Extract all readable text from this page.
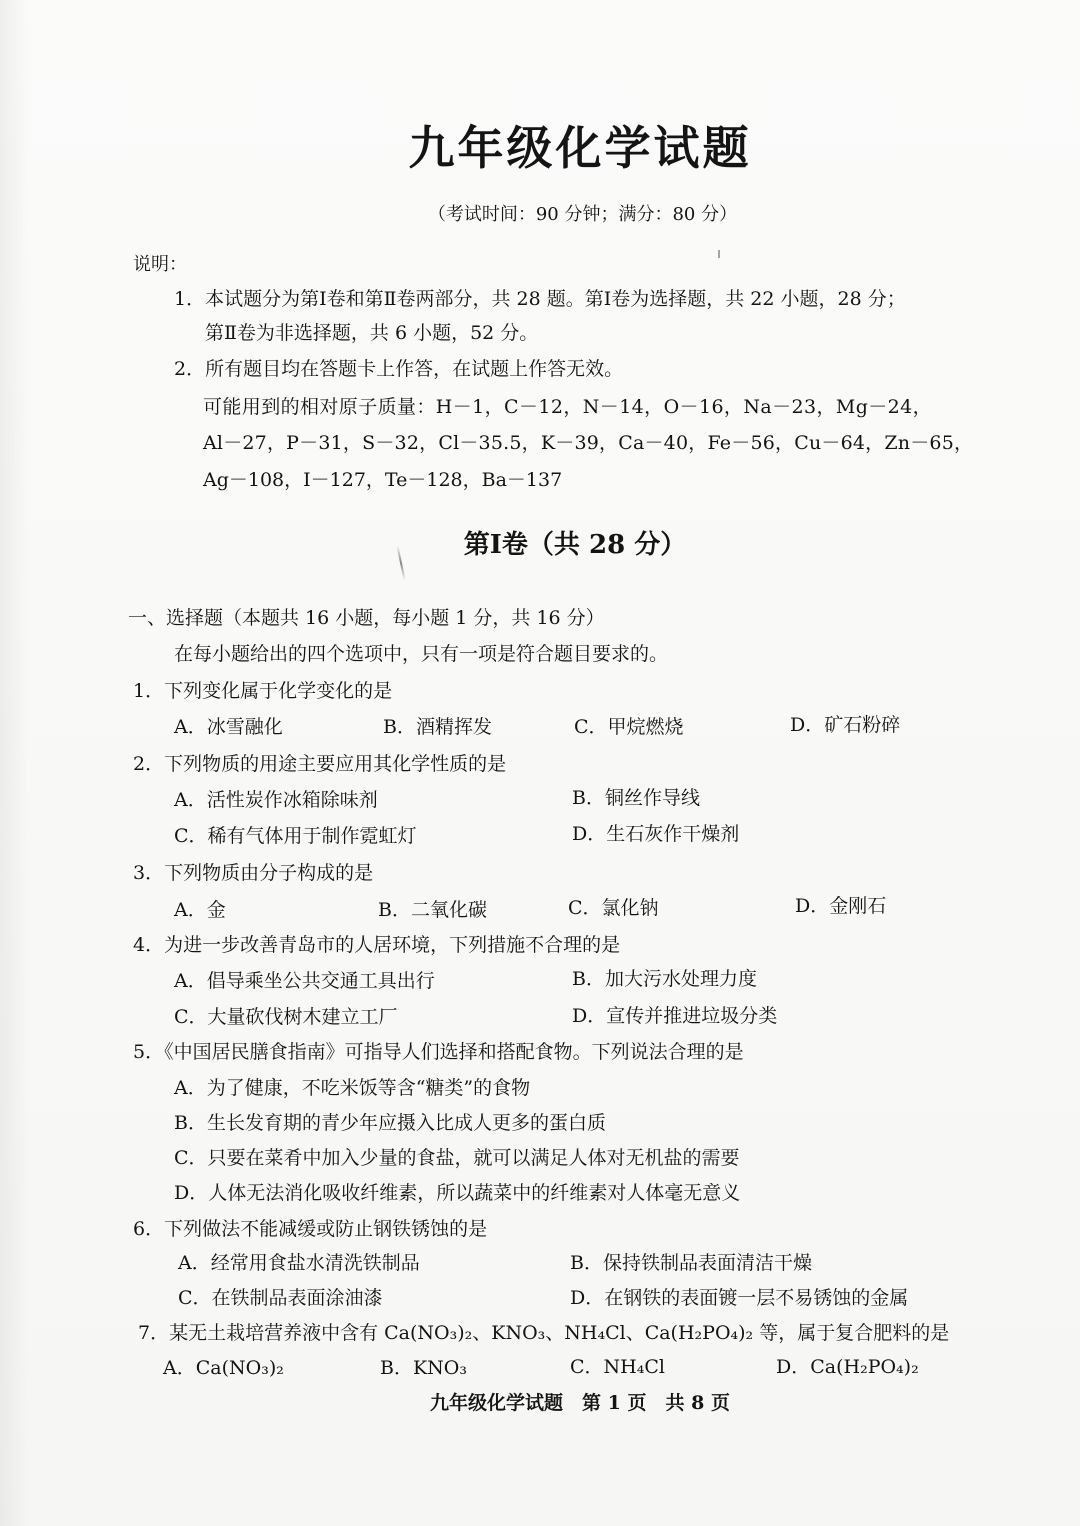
九年级化学试题
（考试时间：90 分钟；满分：80 分）
说明：
1．本试题分为第Ⅰ卷和第Ⅱ卷两部分，共 28 题。第Ⅰ卷为选择题，共 22 小题，28 分；
第Ⅱ卷为非选择题，共 6 小题，52 分。
2．所有题目均在答题卡上作答，在试题上作答无效。
可能用到的相对原子质量：H－1，C－12，N－14，O－16，Na－23，Mg－24，
Al－27，P－31，S－32，Cl－35.5，K－39，Ca－40，Fe－56，Cu－64，Zn－65，
Ag－108，I－127，Te－128，Ba－137
第Ⅰ卷（共 28 分）
一、选择题（本题共 16 小题，每小题 1 分，共 16 分）
在每小题给出的四个选项中，只有一项是符合题目要求的。
1．下列变化属于化学变化的是
A．冰雪融化	B．酒精挥发	C．甲烷燃烧	D．矿石粉碎
2．下列物质的用途主要应用其化学性质的是
A．活性炭作冰箱除味剂	B．铜丝作导线
C．稀有气体用于制作霓虹灯	D．生石灰作干燥剂
3．下列物质由分子构成的是
A．金	B．二氧化碳	C．氯化钠	D．金刚石
4．为进一步改善青岛市的人居环境，下列措施不合理的是
A．倡导乘坐公共交通工具出行	B．加大污水处理力度
C．大量砍伐树木建立工厂	D．宣传并推进垃圾分类
5．《中国居民膳食指南》可指导人们选择和搭配食物。下列说法合理的是
A．为了健康，不吃米饭等含“糖类”的食物
B．生长发育期的青少年应摄入比成人更多的蛋白质
C．只要在菜肴中加入少量的食盐，就可以满足人体对无机盐的需要
D．人体无法消化吸收纤维素，所以蔬菜中的纤维素对人体毫无意义
6．下列做法不能减缓或防止钢铁锈蚀的是
A．经常用食盐水清洗铁制品	B．保持铁制品表面清洁干燥
C．在铁制品表面涂油漆	D．在钢铁的表面镀一层不易锈蚀的金属
7．某无土栽培营养液中含有 Ca(NO₃)₂、KNO₃、NH₄Cl、Ca(H₂PO₄)₂ 等，属于复合肥料的是
A．Ca(NO₃)₂	B．KNO₃	C．NH₄Cl	D．Ca(H₂PO₄)₂
九年级化学试题　第 1 页　共 8 页
